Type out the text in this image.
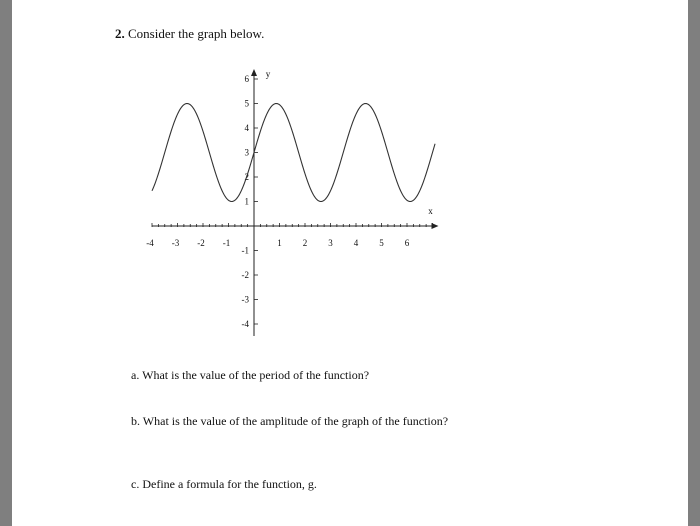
2. Consider the graph below.
-4 -3 -2 -1	1 2 3 4 5 6
-4
-3
-2
-1
1
2
3
4
5
6 y
x
a. What is the value of the period of the function?
b. What is the value of the amplitude of the graph of the function?
c. Define a formula for the function, g.
